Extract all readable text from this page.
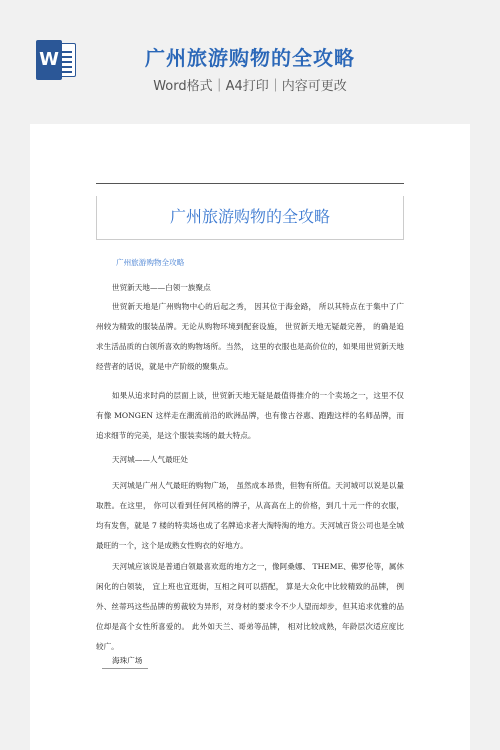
W	广州旅游购物的全攻略
Word格式｜A4打印｜内容可更改
广州旅游购物的全攻略
广州旅游购物全攻略
世贸新天地——白领一族聚点
世贸新天地是广州购物中心的后起之秀， 因其位于海金路， 所以其特点在于集中了广州较为精致的服装品牌。无论从购物环境到配套设施， 世贸新天地无疑最完善， 的确是追求生活品质的白领所喜欢的购物场所。当然， 这里的衣服也是高价位的，如果用世贸新天地经营者的话说，就是中产阶级的聚集点。
如果从追求时尚的层面上谈，世贸新天地无疑是最值得推介的一个卖场之一，这里不仅有像 MONGEN 这样走在潮流前沿的欧洲品牌，也有像古谷惠、跑跑这样的名师品牌，而追求细节的完美，是这个服装卖场的最大特点。
天河城——人气最旺处
天河城是广州人气最旺的购物广场， 虽然成本昂贵，但物有所值。天河城可以说是以量取胜。在这里， 你可以看到任何风格的牌子，从高高在上的价格，到几十元一件的衣服， 均有发售，就是 7 楼的特卖场也成了名牌追求者大淘特淘的地方。天河城百货公司也是全城最旺的一个，这个是成熟女性购衣的好地方。
天河城应该说是普通白领最喜欢逛的地方之一，像阿桑娜、 THEME、佛罗伦等，属休闲化的白领装， 宜上班也宜逛街，互相之间可以搭配， 算是大众化中比较精致的品牌， 例外、丝蒂玛这些品牌的剪裁较为异形，对身材的要求令不少人望而却步，但其追求优雅的品位却是高个女性所喜爱的。 此外如天兰、哥弟等品牌， 相对比较成熟，年龄层次适应度比较广。
海珠广场
